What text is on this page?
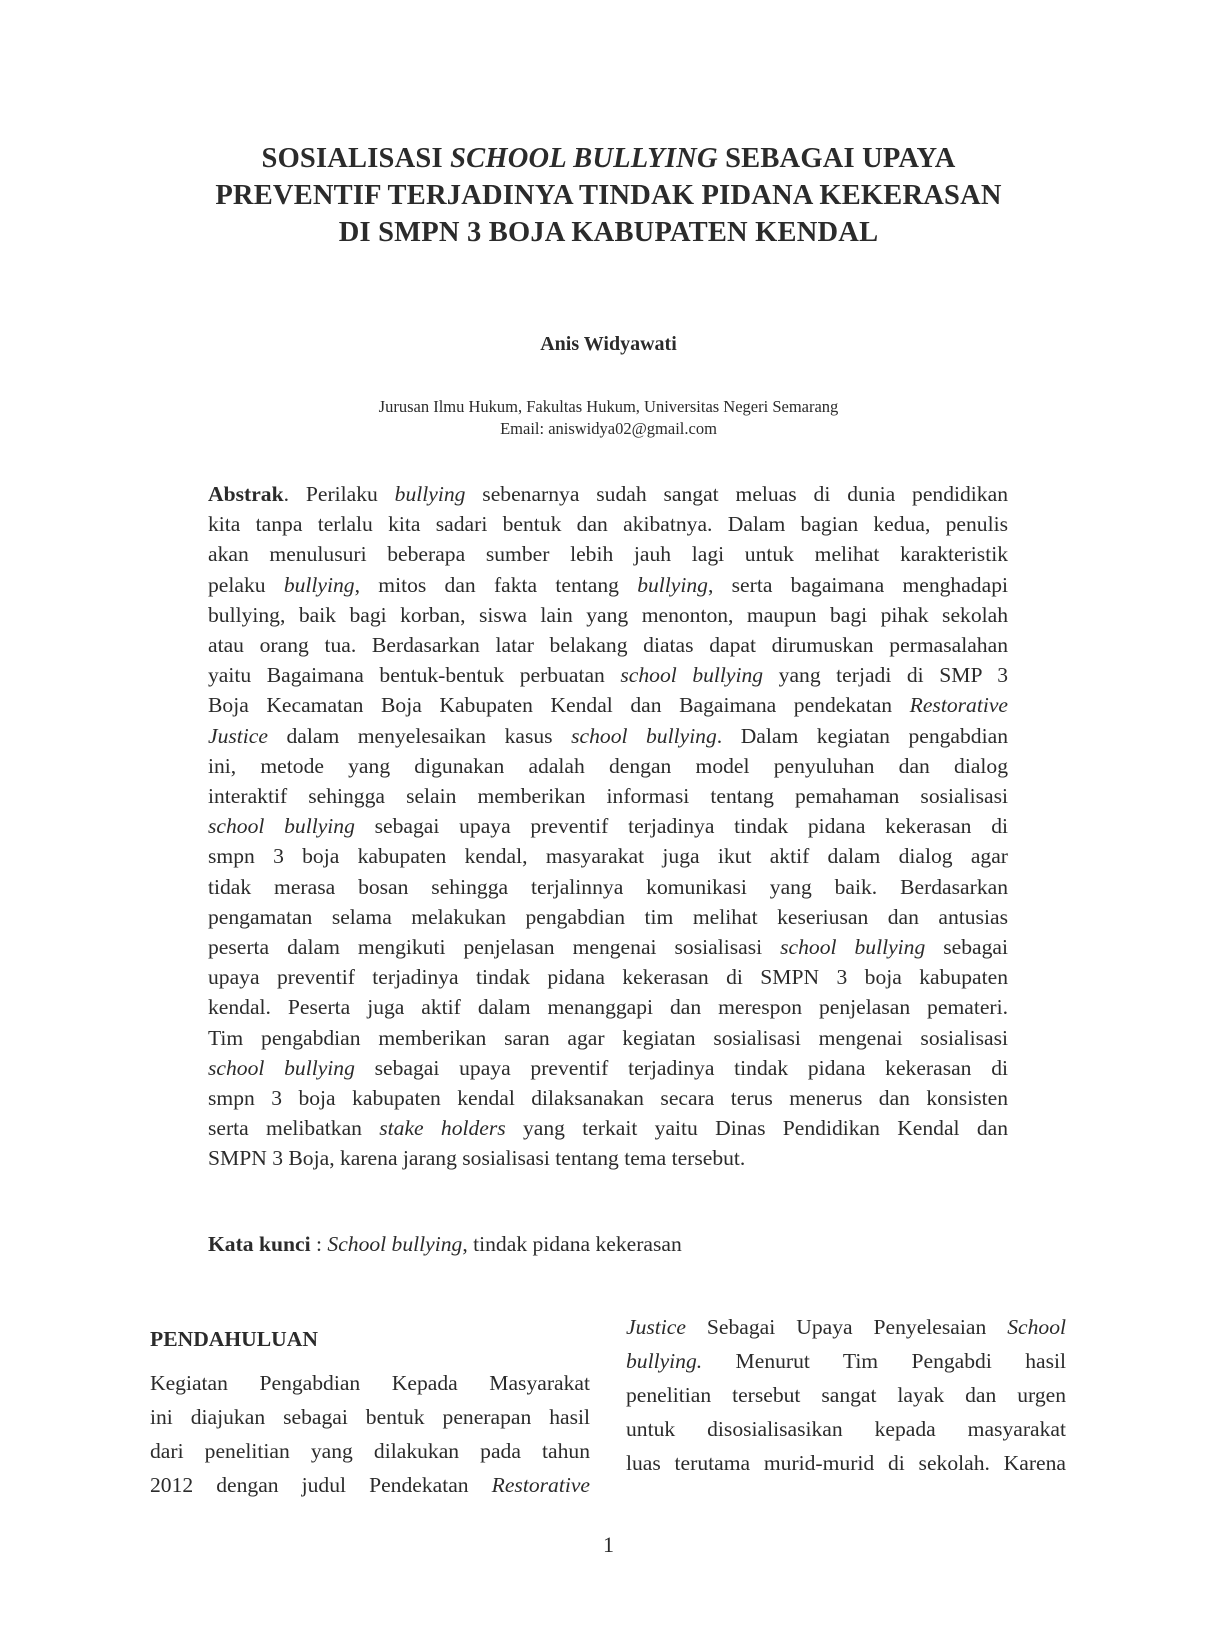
SOSIALISASI SCHOOL BULLYING SEBAGAI UPAYA
PREVENTIF TERJADINYA TINDAK PIDANA KEKERASAN
DI SMPN 3 BOJA KABUPATEN KENDAL
Anis Widyawati
Jurusan Ilmu Hukum, Fakultas Hukum, Universitas Negeri Semarang
Email: aniswidya02@gmail.com
Abstrak. Perilaku bullying sebenarnya sudah sangat meluas di dunia pendidikan
kita tanpa terlalu kita sadari bentuk dan akibatnya. Dalam bagian kedua, penulis
akan menulusuri beberapa sumber lebih jauh lagi untuk melihat karakteristik
pelaku bullying, mitos dan fakta tentang bullying, serta bagaimana menghadapi
bullying, baik bagi korban, siswa lain yang menonton, maupun bagi pihak sekolah
atau orang tua. Berdasarkan latar belakang diatas dapat dirumuskan permasalahan
yaitu Bagaimana bentuk-bentuk perbuatan school bullying yang terjadi di SMP 3
Boja Kecamatan Boja Kabupaten Kendal dan Bagaimana pendekatan Restorative
Justice dalam menyelesaikan kasus school bullying. Dalam kegiatan pengabdian
ini, metode yang digunakan adalah dengan model penyuluhan dan dialog
interaktif sehingga selain memberikan informasi tentang pemahaman sosialisasi
school bullying sebagai upaya preventif terjadinya tindak pidana kekerasan di
smpn 3 boja kabupaten kendal, masyarakat juga ikut aktif dalam dialog agar
tidak merasa bosan sehingga terjalinnya komunikasi yang baik. Berdasarkan
pengamatan selama melakukan pengabdian tim melihat keseriusan dan antusias
peserta dalam mengikuti penjelasan mengenai sosialisasi school bullying sebagai
upaya preventif terjadinya tindak pidana kekerasan di SMPN 3 boja kabupaten
kendal. Peserta juga aktif dalam menanggapi dan merespon penjelasan pemateri.
Tim pengabdian memberikan saran agar kegiatan sosialisasi mengenai sosialisasi
school bullying sebagai upaya preventif terjadinya tindak pidana kekerasan di
smpn 3 boja kabupaten kendal dilaksanakan secara terus menerus dan konsisten
serta melibatkan stake holders yang terkait yaitu Dinas Pendidikan Kendal dan
SMPN 3 Boja, karena jarang sosialisasi tentang tema tersebut.
Kata kunci : School bullying, tindak pidana kekerasan
PENDAHULUAN
Kegiatan Pengabdian Kepada Masyarakat
ini diajukan sebagai bentuk penerapan hasil
dari penelitian yang dilakukan pada tahun
2012 dengan judul Pendekatan Restorative
Justice Sebagai Upaya Penyelesaian School
bullying. Menurut Tim Pengabdi hasil
penelitian tersebut sangat layak dan urgen
untuk disosialisasikan kepada masyarakat
luas terutama murid-murid di sekolah. Karena
1
